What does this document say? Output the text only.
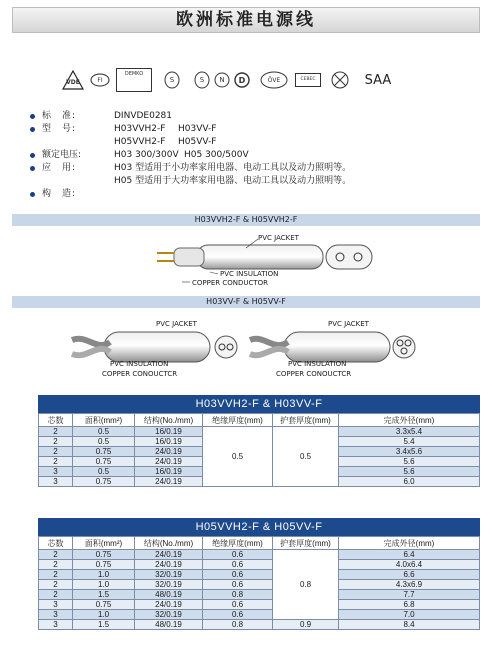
欧洲标准电源线
VDE	FI
DEMKO
S	S N D	ÖVE	CEBEC	SAA
标　准:	DINVDE0281
型　号:	H03VVH2-F H03VV-F
H05VVH2-F H05VV-F
额定电压:	H03 300/300V H05 300/500V
应　用:	H03 型适用于小功率家用电器、电动工具以及动力照明等。
H05 型适用于大功率家用电器、电动工具以及动力照明等。
构　造:
H03VVH2-F & H05VVH2-F
PVC JACKET
PVC INSULATION
COPPER CONDUCTOR
H03VV-F & H05VV-F
PVC JACKET
PVC INSULATION
COPPER CONOUCTCR
PVC JACKET
PVC INSULATION
COPPER CONOUCTCR
H03VVH2-F & H03VV-F
芯数	面积(mm²)	结构(No./mm)	绝缘厚度(mm)	护套厚度(mm)	完成外径(mm)
2	0.5	16/0.19	0.5	0.5	3.3x5.4
2	0.5	16/0.19			5.4
2	0.75	24/0.19			3.4x5.6
2	0.75	24/0.19			5.6
3	0.5	16/0.19			5.6
3	0.75	24/0.19			6.0
H05VVH2-F & H05VV-F
芯数	面积(mm²)	结构(No./mm)	绝缘厚度(mm)	护套厚度(mm)	完成外径(mm)
2	0.75	24/0.19	0.6	0.8	6.4
2	0.75	24/0.19	0.6		4.0x6.4
2	1.0	32/0.19	0.6		6.6
2	1.0	32/0.19	0.6		4.3x6.9
2	1.5	48/0.19	0.8		7.7
3	0.75	24/0.19	0.6		6.8
3	1.0	32/0.19	0.6		7.0
3	1.5	48/0.19	0.8	0.9	8.4
